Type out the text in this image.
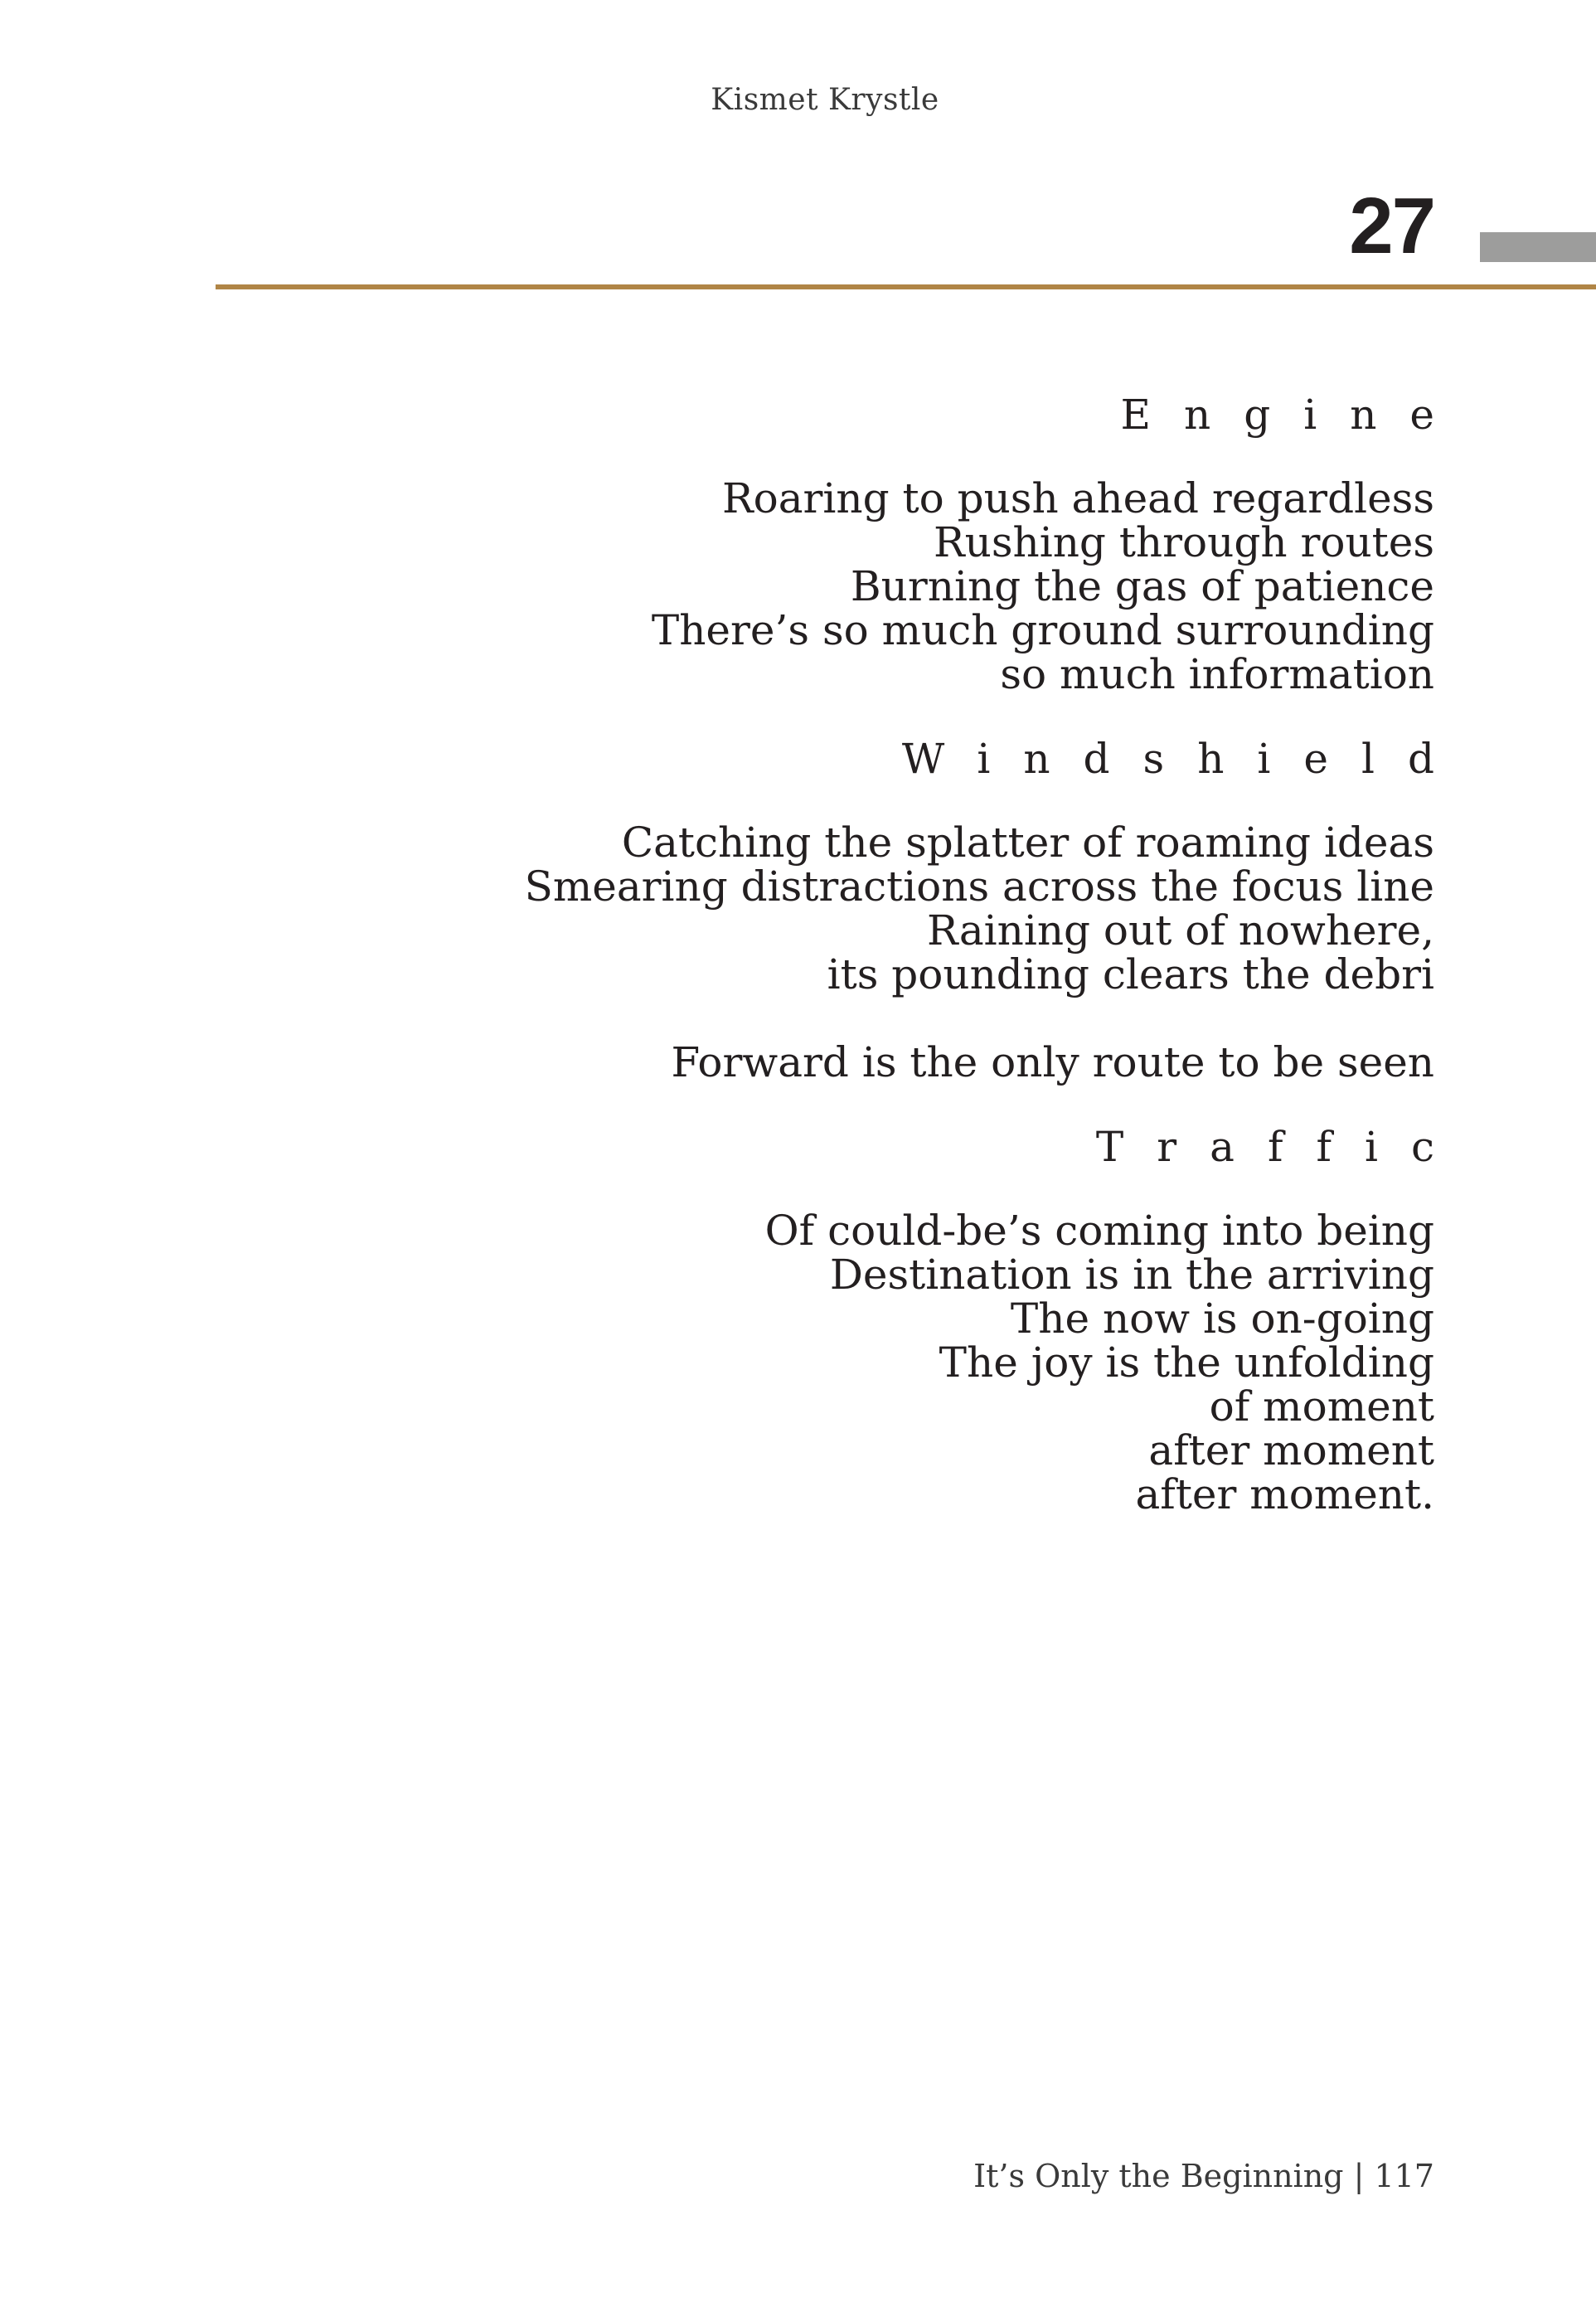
Kismet Krystle
27
Engine
Roaring to push ahead regardless
Rushing through routes
Burning the gas of patience
There’s so much ground surrounding
so much information
Windshield
Catching the splatter of roaming ideas
Smearing distractions across the focus line
Raining out of nowhere,
its pounding clears the debri
Forward is the only route to be seen
Traffic
Of could-be’s coming into being
Destination is in the arriving
The now is on-going
The joy is the unfolding
of moment
after moment
after moment.
It’s Only the Beginning | 117
